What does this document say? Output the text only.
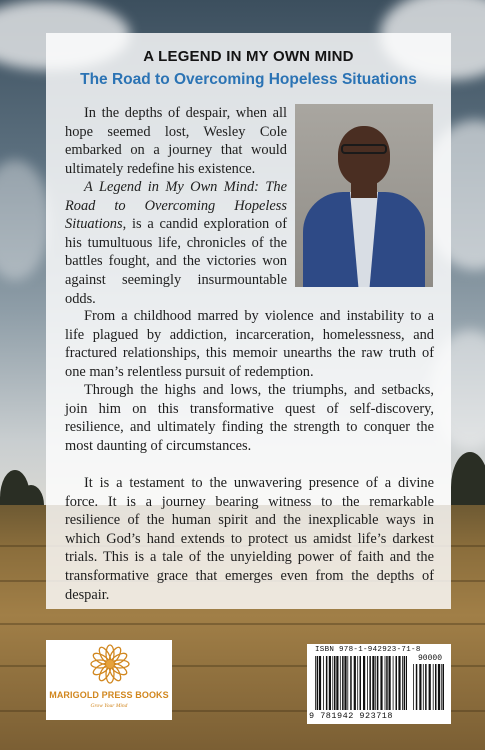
A LEGEND IN MY OWN MIND
The Road to Overcoming Hopeless Situations

In the depths of despair, when all hope seemed lost, Wesley Cole embarked on a journey that would ultimately redefine his existence.

A Legend in My Own Mind: The Road to Overcoming Hopeless Situations, is a candid exploration of his tumultuous life, chronicles of the battles fought, and the victories won against seemingly insurmountable odds.

From a childhood marred by violence and instability to a life plagued by addiction, incarceration, homelessness, and fractured relationships, this memoir unearths the raw truth of one man’s relentless pursuit of redemption.

Through the highs and lows, the triumphs, and setbacks, join him on this transformative quest of self-discovery, resilience, and ultimately finding the strength to conquer the most daunting of circumstances.

It is a testament to the unwavering presence of a divine force. It is a journey bearing witness to the remarkable resilience of the human spirit and the inexplicable ways in which God’s hand extends to protect us amidst life’s darkest trials. This is a tale of the unyielding power of faith and the transformative grace that emerges even from the depths of despair.

MARIGOLD PRESS BOOKS
Grow Your Mind
ISBN 978-1-942923-71-8
90000
9 781942 923718
